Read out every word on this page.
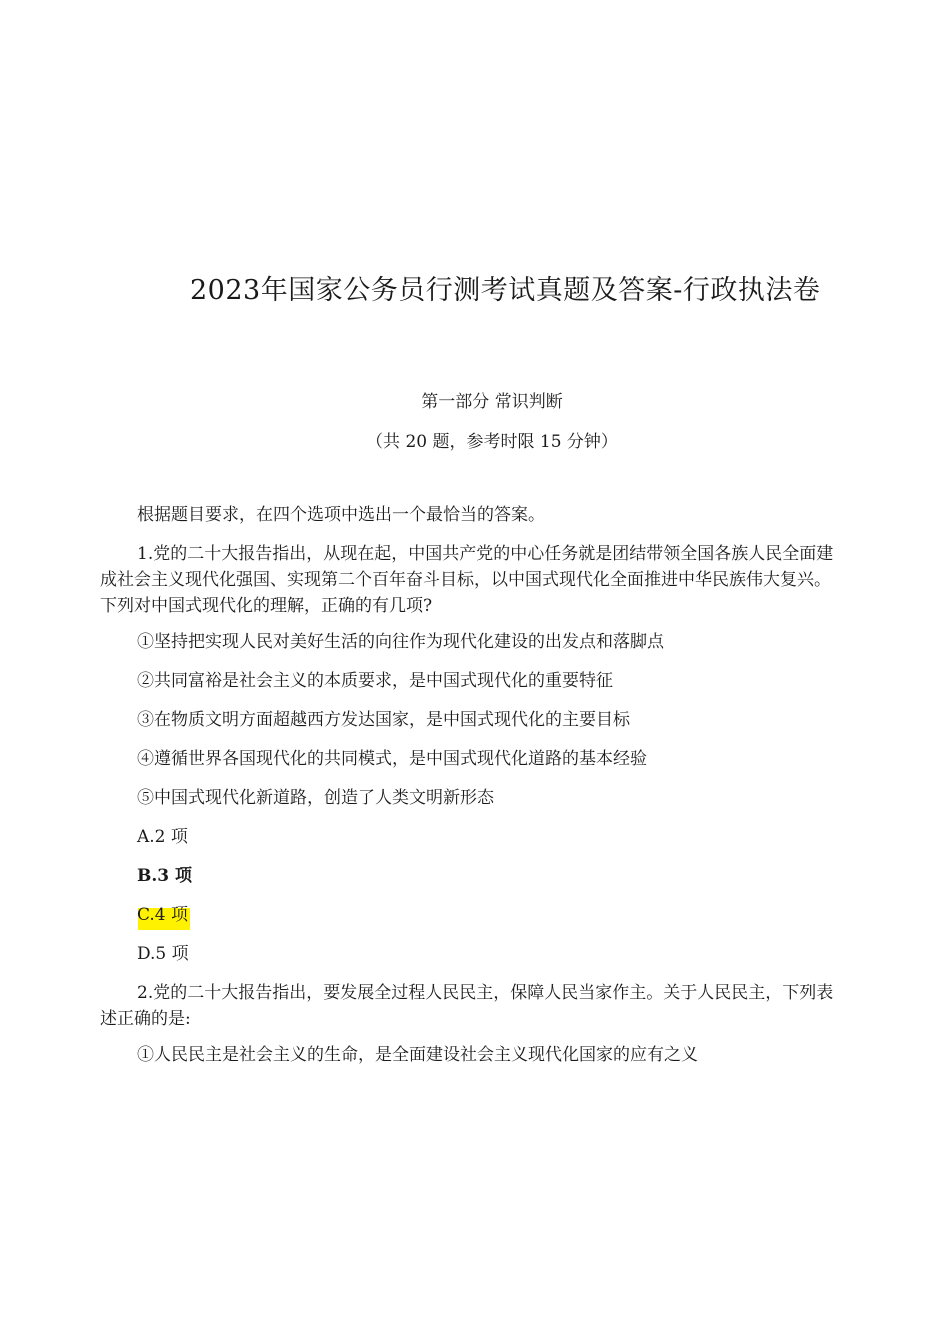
2023年国家公务员行测考试真题及答案-行政执法卷
第一部分 常识判断

（共 20 题，参考时限 15 分钟）

根据题目要求，在四个选项中选出一个最恰当的答案。

1.党的二十大报告指出，从现在起，中国共产党的中心任务就是团结带领全国各族人民全面建成社会主义现代化强国、实现第二个百年奋斗目标，以中国式现代化全面推进中华民族伟大复兴。下列对中国式现代化的理解，正确的有几项?

①坚持把实现人民对美好生活的向往作为现代化建设的出发点和落脚点

②共同富裕是社会主义的本质要求，是中国式现代化的重要特征

③在物质文明方面超越西方发达国家，是中国式现代化的主要目标

④遵循世界各国现代化的共同模式，是中国式现代化道路的基本经验

⑤中国式现代化新道路，创造了人类文明新形态

A.2 项

B.3 项

C.4 项

D.5 项

2.党的二十大报告指出，要发展全过程人民民主，保障人民当家作主。关于人民民主，下列表述正确的是:

①人民民主是社会主义的生命，是全面建设社会主义现代化国家的应有之义
